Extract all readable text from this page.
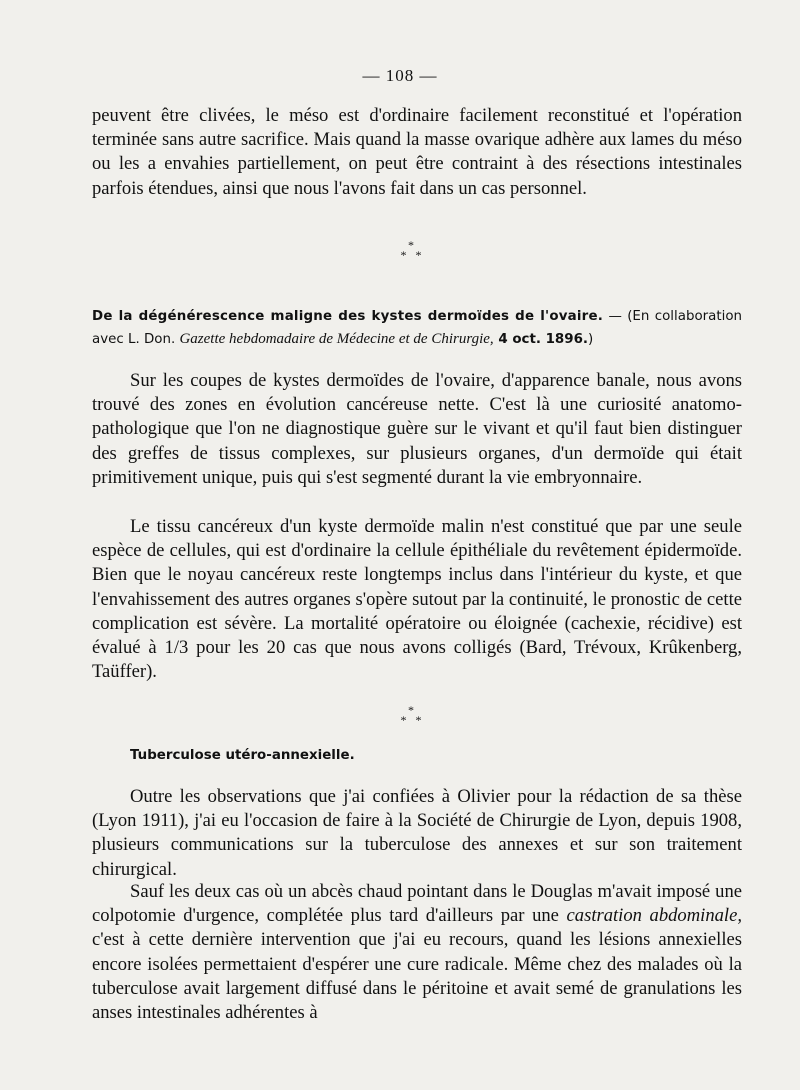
— 108 —

peuvent être clivées, le méso est d'ordinaire facilement reconstitué et l'opération terminée sans autre sacrifice. Mais quand la masse ovarique adhère aux lames du méso ou les a envahies partiellement, on peut être contraint à des résections intestinales parfois étendues, ainsi que nous l'avons fait dans un cas personnel.

*
*   *

De la dégénérescence maligne des kystes dermoïdes de l'ovaire. — (En collaboration avec L. Don. Gazette hebdomadaire de Médecine et de Chirurgie, 4 oct. 1896.)

Sur les coupes de kystes dermoïdes de l'ovaire, d'apparence banale, nous avons trouvé des zones en évolution cancéreuse nette. C'est là une curiosité anatomo-pathologique que l'on ne diagnostique guère sur le vivant et qu'il faut bien distinguer des greffes de tissus complexes, sur plusieurs organes, d'un dermoïde qui était primitivement unique, puis qui s'est segmenté durant la vie embryonnaire.

Le tissu cancéreux d'un kyste dermoïde malin n'est constitué que par une seule espèce de cellules, qui est d'ordinaire la cellule épithéliale du revêtement épidermoïde. Bien que le noyau cancéreux reste longtemps inclus dans l'intérieur du kyste, et que l'envahissement des autres organes s'opère sutout par la continuité, le pronostic de cette complication est sévère. La mortalité opératoire ou éloignée (cachexie, récidive) est évalué à 1/3 pour les 20 cas que nous avons colligés (Bard, Trévoux, Krûkenberg, Taüffer).

*
*   *

Tuberculose utéro-annexielle.

Outre les observations que j'ai confiées à Olivier pour la rédaction de sa thèse (Lyon 1911), j'ai eu l'occasion de faire à la Société de Chirurgie de Lyon, depuis 1908, plusieurs communications sur la tuberculose des annexes et sur son traitement chirurgical.

Sauf les deux cas où un abcès chaud pointant dans le Douglas m'avait imposé une colpotomie d'urgence, complétée plus tard d'ailleurs par une castration abdominale, c'est à cette dernière intervention que j'ai eu recours, quand les lésions annexielles encore isolées permettaient d'espérer une cure radicale. Même chez des malades où la tuberculose avait largement diffusé dans le péritoine et avait semé de granulations les anses intestinales adhérentes à
